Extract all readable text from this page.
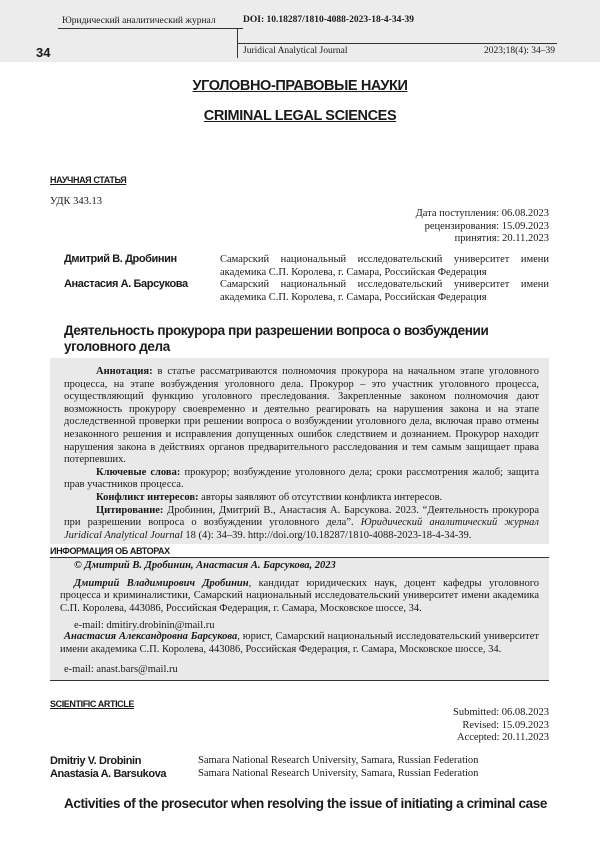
Юридический аналитический журнал
34
DOI: 10.18287/1810-4088-2023-18-4-34-39
Juridical Analytical Journal	2023;18(4): 34–39
УГОЛОВНО-ПРАВОВЫЕ НАУКИ
CRIMINAL LEGAL SCIENCES
НАУЧНАЯ СТАТЬЯ
УДК 343.13
Дата поступления: 06.08.2023
рецензирования: 15.09.2023
принятия: 20.11.2023
Дмитрий В. Дробинин	Самарский национальный исследовательский университет имени академика С.П. Королева, г. Самара, Российская Федерация
Анастасия А. Барсукова	Самарский национальный исследовательский университет имени академика С.П. Королева, г. Самара, Российская Федерация
Деятельность прокурора при разрешении вопроса о возбуждении уголовного дела

Аннотация: в статье рассматриваются полномочия прокурора на начальном этапе уголовного процесса, на этапе возбуждения уголовного дела. Прокурор – это участник уголовного процесса, осуществляющий функцию уголовного преследования. Закрепленные законом полномочия дают возможность прокурору своевременно и деятельно реагировать на нарушения закона и на этапе доследственной проверки при решении вопроса о возбуждении уголовного дела, включая право отмены незаконного решения и исправления допущенных ошибок следствием и дознанием. Прокурор находит нарушения закона в действиях органов предварительного расследования и тем самым защищает права потерпевших.

Ключевые слова: прокурор; возбуждение уголовного дела; сроки рассмотрения жалоб; защита прав участников процесса.

Конфликт интересов: авторы заявляют об отсутствии конфликта интересов.

Цитирование: Дробинин, Дмитрий В., Анастасия А. Барсукова. 2023. “Деятельность прокурора при разрешении вопроса о возбуждении уголовного дела”. Юридический аналитический журнал Juridical Analytical Journal 18 (4): 34–39. http://doi.org/10.18287/1810-4088-2023-18-4-34-39.

ИНФОРМАЦИЯ ОБ АВТОРАХ
© Дмитрий В. Дробинин, Анастасия А. Барсукова, 2023

Дмитрий Владимирович Дробинин, кандидат юридических наук, доцент кафедры уголовного процесса и криминалистики, Самарский национальный исследовательский университет имени академика С.П. Королева, 443086, Российская Федерация, г. Самара, Московское шоссе, 34.

e-mail: dmitiry.drobinin@mail.ru

Анастасия Александровна Барсукова, юрист, Самарский национальный исследовательский университет имени академика С.П. Королева, 443086, Российская Федерация, г. Самара, Московское шоссе, 34.

e-mail: anast.bars@mail.ru

SCIENTIFIC ARTICLE
Submitted: 06.08.2023
Revised: 15.09.2023
Accepted: 20.11.2023
Dmitriy V. Drobinin	Samara National Research University, Samara, Russian Federation
Anastasia A. Barsukova	Samara National Research University, Samara, Russian Federation
Activities of the prosecutor when resolving the issue of initiating a criminal case
